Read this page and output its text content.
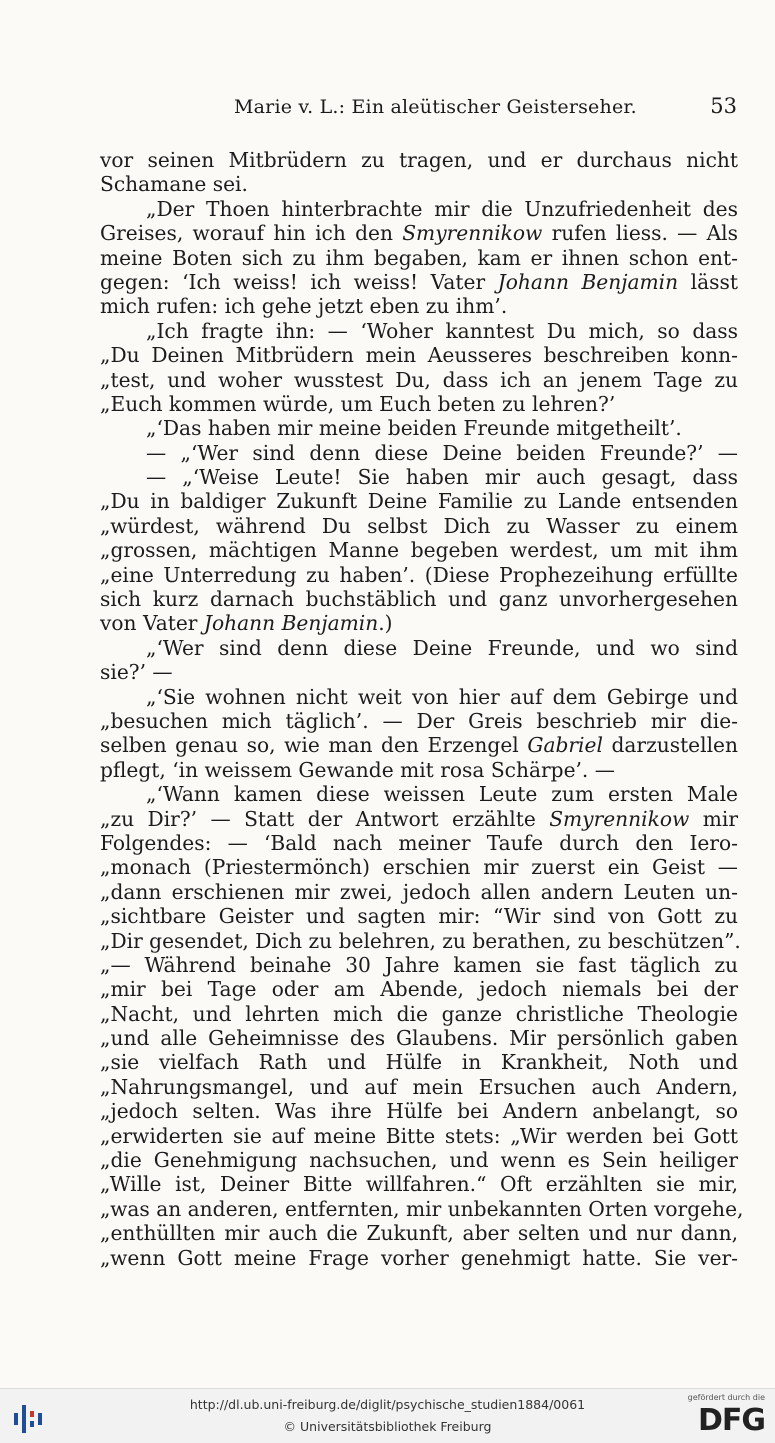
Marie v. L.: Ein aleütischer Geisterseher.	53
vor seinen Mitbrüdern zu tragen, und er durchaus nicht
Schamane sei.
„Der Thoen hinterbrachte mir die Unzufriedenheit des
Greises, worauf hin ich den Smyrennikow rufen liess. — Als
meine Boten sich zu ihm begaben, kam er ihnen schon ent-
gegen: ‘Ich weiss! ich weiss! Vater Johann Benjamin lässt
mich rufen: ich gehe jetzt eben zu ihm’.
„Ich fragte ihn: — ‘Woher kanntest Du mich, so dass
„Du Deinen Mitbrüdern mein Aeusseres beschreiben konn-
„test, und woher wusstest Du, dass ich an jenem Tage zu
„Euch kommen würde, um Euch beten zu lehren?’
„‘Das haben mir meine beiden Freunde mitgetheilt’.
— „‘Wer sind denn diese Deine beiden Freunde?’ —
— „‘Weise Leute! Sie haben mir auch gesagt, dass
„Du in baldiger Zukunft Deine Familie zu Lande entsenden
„würdest, während Du selbst Dich zu Wasser zu einem
„grossen, mächtigen Manne begeben werdest, um mit ihm
„eine Unterredung zu haben’. (Diese Prophezeihung erfüllte
sich kurz darnach buchstäblich und ganz unvorhergesehen
von Vater Johann Benjamin.)
„‘Wer sind denn diese Deine Freunde, und wo sind
sie?’ —
„‘Sie wohnen nicht weit von hier auf dem Gebirge und
„besuchen mich täglich’. — Der Greis beschrieb mir die-
selben genau so, wie man den Erzengel Gabriel darzustellen
pflegt, ‘in weissem Gewande mit rosa Schärpe’. —
„‘Wann kamen diese weissen Leute zum ersten Male
„zu Dir?’ — Statt der Antwort erzählte Smyrennikow mir
Folgendes: — ‘Bald nach meiner Taufe durch den Iero-
„monach (Priestermönch) erschien mir zuerst ein Geist —
„dann erschienen mir zwei, jedoch allen andern Leuten un-
„sichtbare Geister und sagten mir: “Wir sind von Gott zu
„Dir gesendet, Dich zu belehren, zu berathen, zu beschützen”.
„— Während beinahe 30 Jahre kamen sie fast täglich zu
„mir bei Tage oder am Abende, jedoch niemals bei der
„Nacht, und lehrten mich die ganze christliche Theologie
„und alle Geheimnisse des Glaubens. Mir persönlich gaben
„sie vielfach Rath und Hülfe in Krankheit, Noth und
„Nahrungsmangel, und auf mein Ersuchen auch Andern,
„jedoch selten. Was ihre Hülfe bei Andern anbelangt, so
„erwiderten sie auf meine Bitte stets: „Wir werden bei Gott
„die Genehmigung nachsuchen, und wenn es Sein heiliger
„Wille ist, Deiner Bitte willfahren.“ Oft erzählten sie mir,
„was an anderen, entfernten, mir unbekannten Orten vorgehe,
„enthüllten mir auch die Zukunft, aber selten und nur dann,
„wenn Gott meine Frage vorher genehmigt hatte. Sie ver-
http://dl.ub.uni-freiburg.de/diglit/psychische_studien1884/0061
© Universitätsbibliothek Freiburg
gefördert durch die
DFG
